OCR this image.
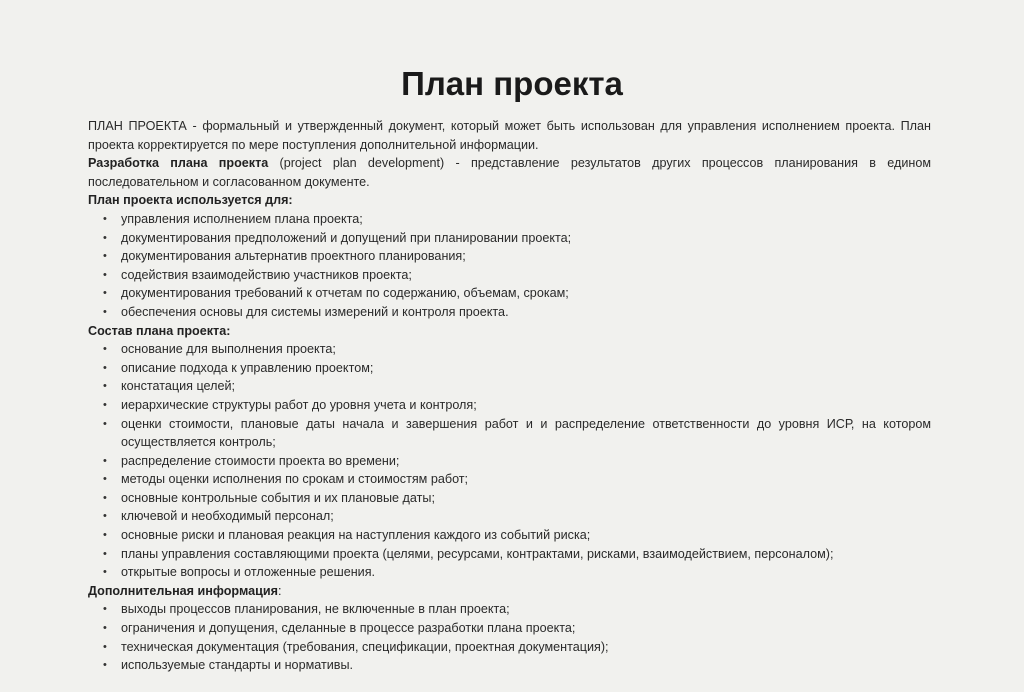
План проекта

ПЛАН ПРОЕКТА - формальный и утвержденный документ, который может быть использован для управления исполнением проекта. План проекта корректируется по мере поступления дополнительной информации.

Разработка плана проекта (project plan development) - представление результатов других процессов планирования в едином последовательном и согласованном документе.

План проекта используется для:

• управления исполнением плана проекта;
• документирования предположений и допущений при планировании проекта;
• документирования альтернатив проектного планирования;
• содействия взаимодействию участников проекта;
• документирования требований к отчетам по содержанию, объемам, срокам;
• обеспечения основы для системы измерений и контроля проекта.

Состав плана проекта:

• основание для выполнения проекта;
• описание подхода к управлению проектом;
• констатация целей;
• иерархические структуры работ до уровня учета и контроля;
• оценки стоимости, плановые даты начала и завершения работ и и распределение ответственности до уровня ИСР, на котором осуществляется контроль;
• распределение стоимости проекта во времени;
• методы оценки исполнения по срокам и стоимостям работ;
• основные контрольные события и их плановые даты;
• ключевой и необходимый персонал;
• основные риски и плановая реакция на наступления каждого из событий риска;
• планы управления составляющими проекта (целями, ресурсами, контрактами, рисками, взаимодействием, персоналом);
• открытые вопросы и отложенные решения.

Дополнительная информация:

• выходы процессов планирования, не включенные в план проекта;
• ограничения и допущения, сделанные в процессе разработки плана проекта;
• техническая документация (требования, спецификации, проектная документация);
• используемые стандарты и нормативы.
